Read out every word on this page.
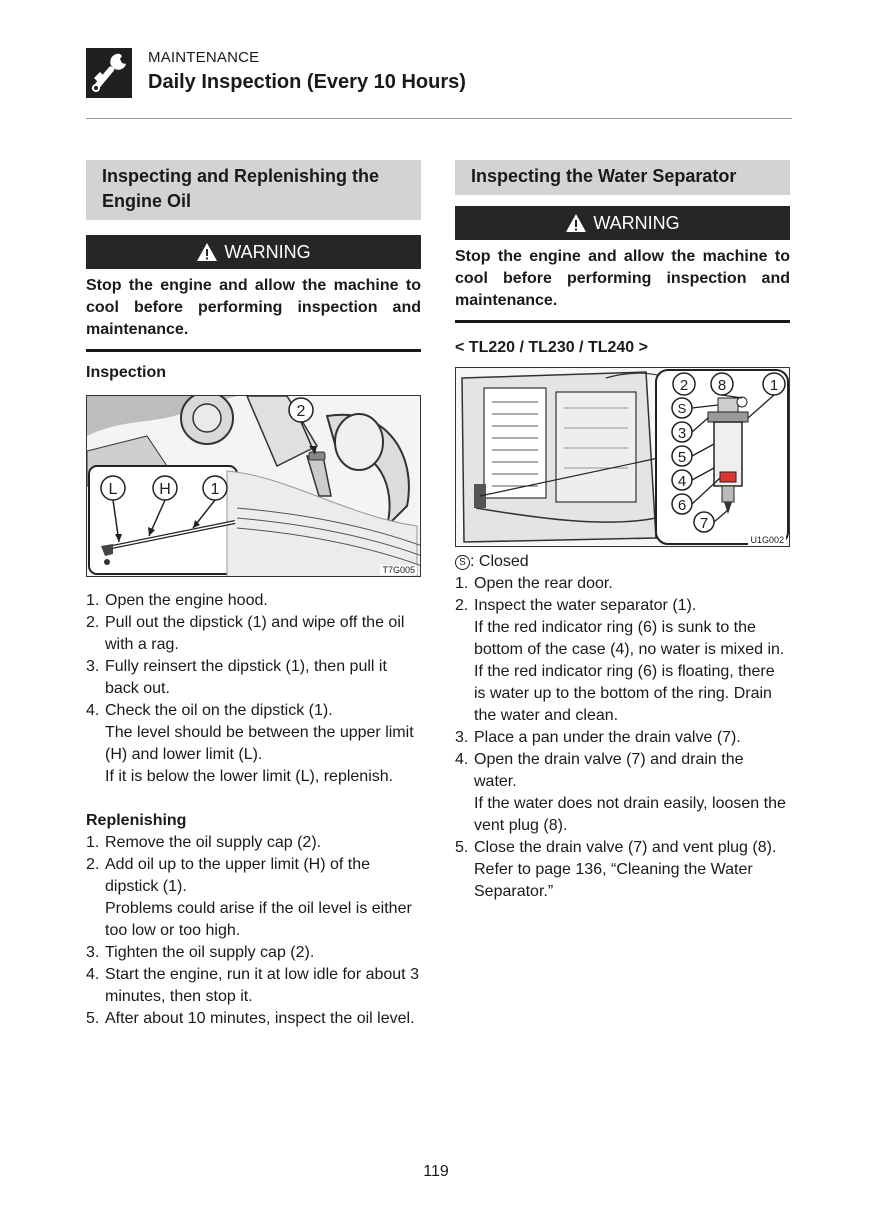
MAINTENANCE
Daily Inspection (Every 10 Hours)
Inspecting and Replenishing the
Engine Oil
WARNING
Stop the engine and allow the machine to cool before performing inspection and maintenance.
Inspection
2
L	H 1
T7G005
1. Open the engine hood.
2. Pull out the dipstick (1) and wipe off the oil with a rag.
3. Fully reinsert the dipstick (1), then pull it back out.
4. Check the oil on the dipstick (1).
The level should be between the upper limit (H) and lower limit (L).
If it is below the lower limit (L), replenish.
Replenishing
1. Remove the oil supply cap (2).
2. Add oil up to the upper limit (H) of the dipstick (1).
Problems could arise if the oil level is either too low or too high.
3. Tighten the oil supply cap (2).
4. Start the engine, run it at low idle for about 3 minutes, then stop it.
5. After about 10 minutes, inspect the oil level.
Inspecting the Water Separator
WARNING
Stop the engine and allow the machine to cool before performing inspection and maintenance.
< TL220 / TL230 / TL240 >
2 8	1
S
3
5
4
6
7
U1G002
S : Closed
1. Open the rear door.
2. Inspect the water separator (1).
If the red indicator ring (6) is sunk to the bottom of the case (4), no water is mixed in.
If the red indicator ring (6) is floating, there is water up to the bottom of the ring. Drain the water and clean.
3. Place a pan under the drain valve (7).
4. Open the drain valve (7) and drain the water.
If the water does not drain easily, loosen the vent plug (8).
5. Close the drain valve (7) and vent plug (8).
Refer to page 136, “Cleaning the Water Separator.”
119
